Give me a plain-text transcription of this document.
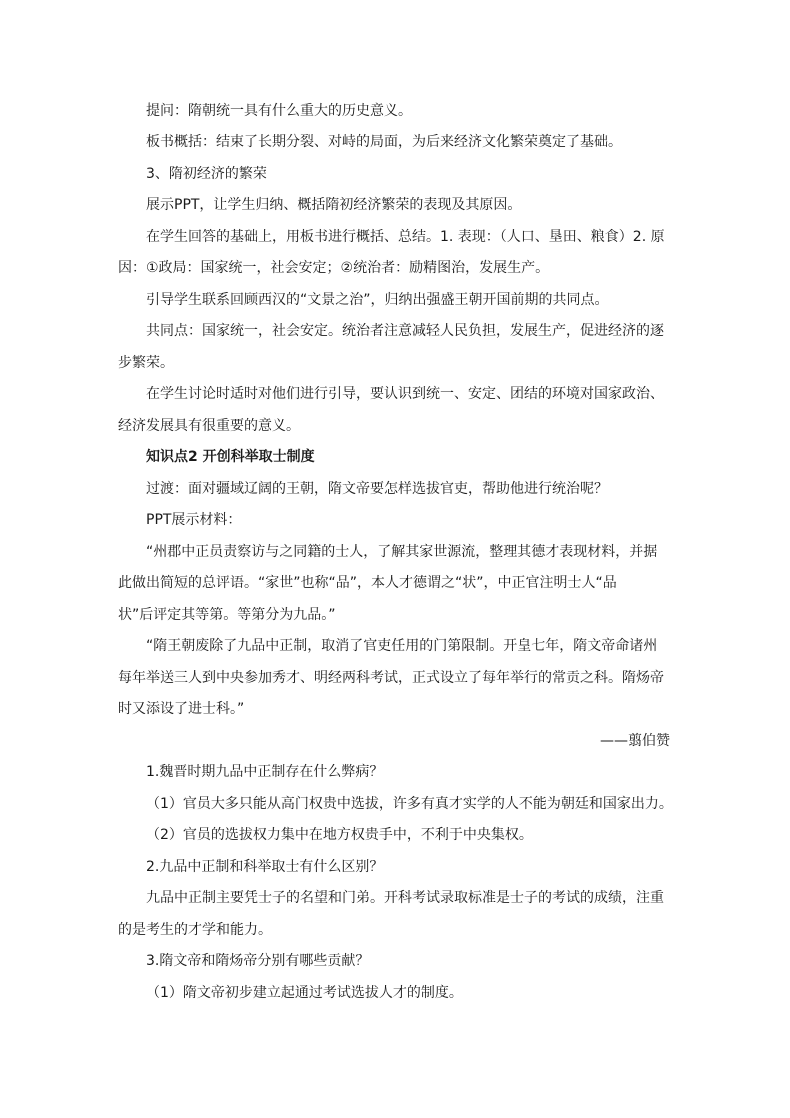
提问：隋朝统一具有什么重大的历史意义。
板书概括：结束了长期分裂、对峙的局面，为后来经济文化繁荣奠定了基础。
3、隋初经济的繁荣
展示PPT，让学生归纳、概括隋初经济繁荣的表现及其原因。
在学生回答的基础上，用板书进行概括、总结。1. 表现：（人口、垦田、粮食）2. 原
因：①政局：国家统一，社会安定；②统治者：励精图治，发展生产。
引导学生联系回顾西汉的“文景之治”，归纳出强盛王朝开国前期的共同点。
共同点：国家统一，社会安定。统治者注意减轻人民负担，发展生产，促进经济的逐
步繁荣。
在学生讨论时适时对他们进行引导，要认识到统一、安定、团结的环境对国家政治、
经济发展具有很重要的意义。
知识点2 开创科举取士制度
过渡：面对疆域辽阔的王朝，隋文帝要怎样选拔官吏，帮助他进行统治呢？
PPT展示材料：
“州郡中正员责察访与之同籍的士人，了解其家世源流，整理其德才表现材料，并据
此做出简短的总评语。“家世”也称“品”，本人才德谓之“状”，中正官注明士人“品
状”后评定其等第。等第分为九品。”
“隋王朝废除了九品中正制，取消了官吏任用的门第限制。开皇七年，隋文帝命诸州
每年举送三人到中央参加秀才、明经两科考试，正式设立了每年举行的常贡之科。隋炀帝
时又添设了进士科。”
——翦伯赞
1.魏晋时期九品中正制存在什么弊病？
（1）官员大多只能从高门权贵中选拔，许多有真才实学的人不能为朝廷和国家出力。
（2）官员的选拔权力集中在地方权贵手中，不利于中央集权。
2.九品中正制和科举取士有什么区别？
九品中正制主要凭士子的名望和门弟。开科考试录取标准是士子的考试的成绩，注重
的是考生的才学和能力。
3.隋文帝和隋炀帝分别有哪些贡献？
（1）隋文帝初步建立起通过考试选拔人才的制度。
